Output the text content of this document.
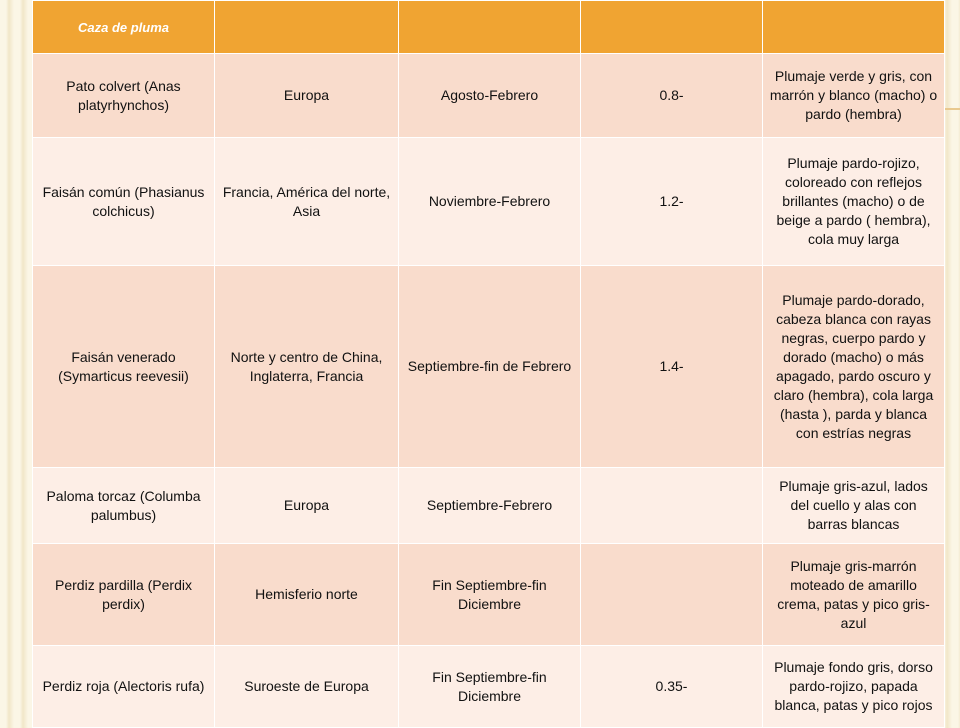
Caza de pluma				
Pato colvert (Anas platyrhynchos)	Europa	Agosto-Febrero	0.8-	Plumaje verde y gris, con marrón y blanco (macho) o pardo (hembra)
Faisán común (Phasianus colchicus)	Francia, América del norte, Asia	Noviembre-Febrero	1.2-	Plumaje pardo-rojizo, coloreado con reflejos brillantes (macho) o de beige a pardo ( hembra), cola muy larga
Faisán venerado (Symarticus reevesii)	Norte y centro de China, Inglaterra, Francia	Septiembre-fin de Febrero	1.4-	Plumaje pardo-dorado, cabeza blanca con rayas negras, cuerpo pardo y dorado (macho) o más apagado, pardo oscuro y claro (hembra), cola larga (hasta ), parda y blanca con estrías negras
Paloma torcaz (Columba palumbus)	Europa	Septiembre-Febrero		Plumaje gris-azul, lados del cuello y alas con barras blancas
Perdiz pardilla (Perdix perdix)	Hemisferio norte	Fin Septiembre-fin Diciembre		Plumaje gris-marrón moteado de amarillo crema, patas y pico gris-azul
Perdiz roja (Alectoris rufa)	Suroeste de Europa	Fin Septiembre-fin Diciembre	0.35-	Plumaje fondo gris, dorso pardo-rojizo, papada blanca, patas y pico rojos
